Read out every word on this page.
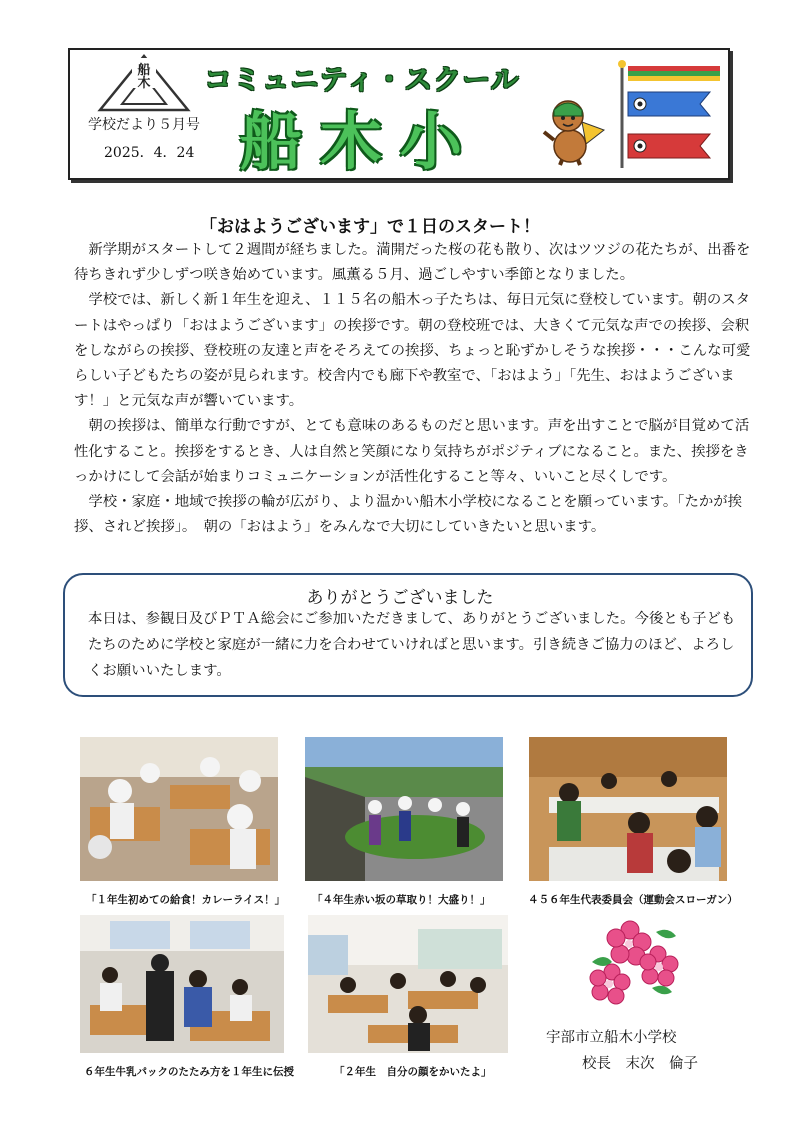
船
木
学校だより５月号
2025．4．24
コミュニティ・スクール
船木小
「おはようございます」で１日のスタート！

新学期がスタートして２週間が経ちました。満開だった桜の花も散り、次はツツジの花たちが、出番を待ちきれず少しずつ咲き始めています。風薫る５月、過ごしやすい季節となりました。

学校では、新しく新１年生を迎え、１１５名の船木っ子たちは、毎日元気に登校しています。朝のスタートはやっぱり「おはようございます」の挨拶です。朝の登校班では、大きくて元気な声での挨拶、会釈をしながらの挨拶、登校班の友達と声をそろえての挨拶、ちょっと恥ずかしそうな挨拶・・・こんな可愛らしい子どもたちの姿が見られます。校舎内でも廊下や教室で、「おはよう」「先生、おはようございます！」と元気な声が響いています。

朝の挨拶は、簡単な行動ですが、とても意味のあるものだと思います。声を出すことで脳が目覚めて活性化すること。挨拶をするとき、人は自然と笑顔になり気持ちがポジティブになること。また、挨拶をきっかけにして会話が始まりコミュニケーションが活性化すること等々、いいこと尽くしです。

学校・家庭・地域で挨拶の輪が広がり、より温かい船木小学校になることを願っています。「たかが挨拶、されど挨拶」。　朝の「おはよう」をみんなで大切にしていきたいと思います。

ありがとうございました
本日は、参観日及びＰＴＡ総会にご参加いただきまして、ありがとうございました。今後とも子どもたちのために学校と家庭が一緒に力を合わせていければと思います。引き続きご協力のほど、よろしくお願いいたします。
「１年生初めての給食！カレーライス！」	「４年生赤い坂の草取り！大盛り！」	４５６年生代表委員会（運動会スローガン）
６年生牛乳パックのたたみ方を１年生に伝授	「２年生　自分の顔をかいたよ」
宇部市立船木小学校
校長　末次　倫子
